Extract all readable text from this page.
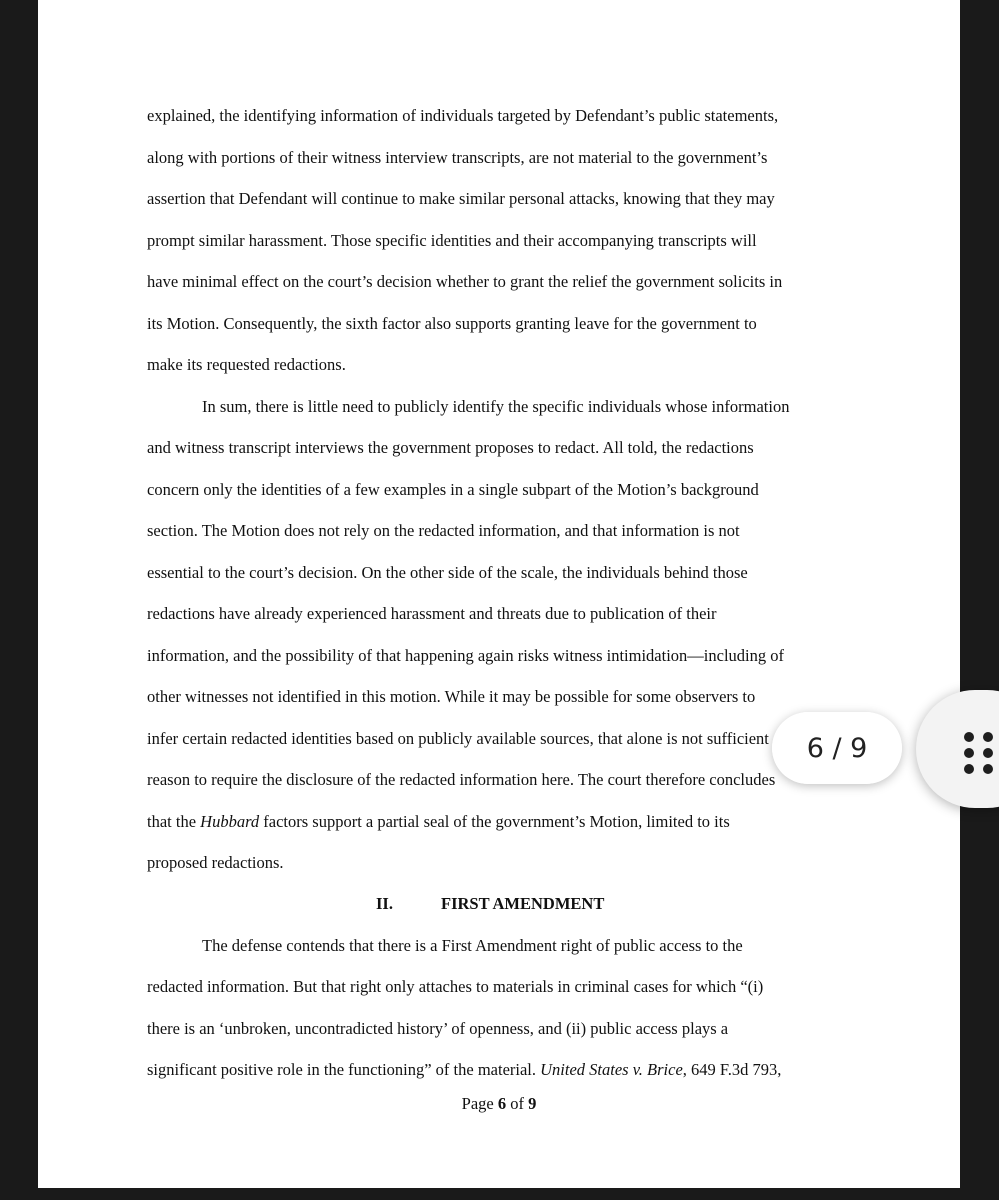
explained, the identifying information of individuals targeted by Defendant’s public statements,
along with portions of their witness interview transcripts, are not material to the government’s
assertion that Defendant will continue to make similar personal attacks, knowing that they may
prompt similar harassment. Those specific identities and their accompanying transcripts will
have minimal effect on the court’s decision whether to grant the relief the government solicits in
its Motion. Consequently, the sixth factor also supports granting leave for the government to
make its requested redactions.
In sum, there is little need to publicly identify the specific individuals whose information
and witness transcript interviews the government proposes to redact. All told, the redactions
concern only the identities of a few examples in a single subpart of the Motion’s background
section. The Motion does not rely on the redacted information, and that information is not
essential to the court’s decision. On the other side of the scale, the individuals behind those
redactions have already experienced harassment and threats due to publication of their
information, and the possibility of that happening again risks witness intimidation—including of
other witnesses not identified in this motion. While it may be possible for some observers to
infer certain redacted identities based on publicly available sources, that alone is not sufficient
reason to require the disclosure of the redacted information here. The court therefore concludes
that the Hubbard factors support a partial seal of the government’s Motion, limited to its
proposed redactions.
II.	FIRST AMENDMENT
The defense contends that there is a First Amendment right of public access to the
redacted information. But that right only attaches to materials in criminal cases for which “(i)
there is an ‘unbroken, uncontradicted history’ of openness, and (ii) public access plays a
significant positive role in the functioning” of the material. United States v. Brice, 649 F.3d 793,
Page 6 of 9
6 / 9
